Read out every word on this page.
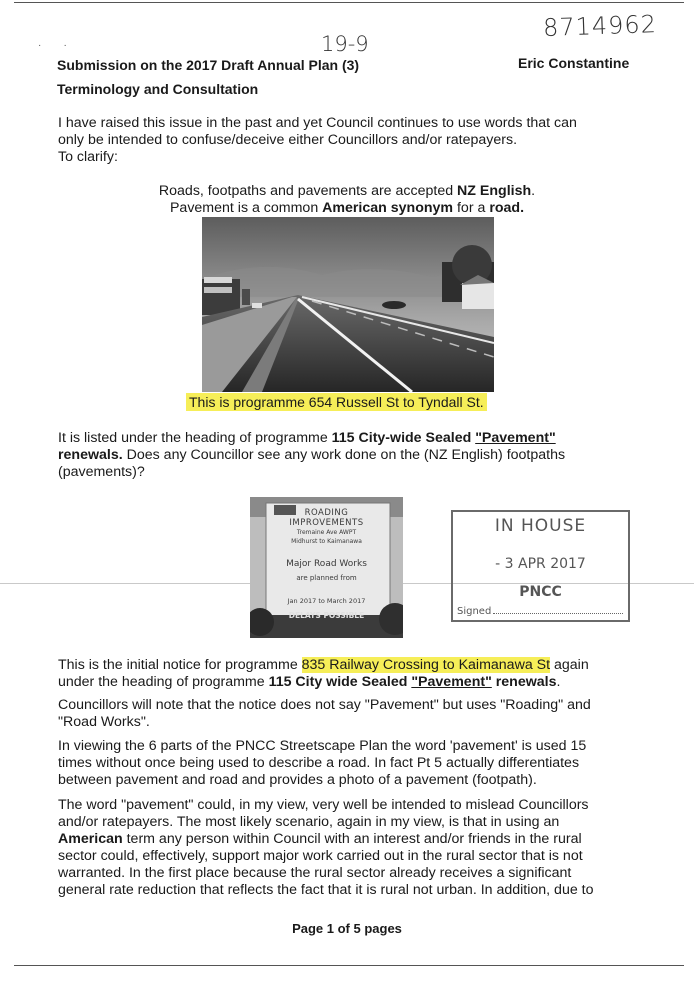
·        ·
8714962
19-9
Submission on the 2017 Draft Annual Plan (3)
Terminology and Consultation
Eric Constantine
I have raised this issue in the past and yet Council continues to use words that can
only be intended to confuse/deceive either Councillors and/or ratepayers.
To clarify:
Roads, footpaths and pavements are accepted NZ English.
Pavement is a common American synonym for a road.
This is programme 654 Russell St to Tyndall St.
It is listed under the heading of programme 115 City-wide Sealed "Pavement"
renewals. Does any Councillor see any work done on the (NZ English) footpaths
(pavements)?
ROADING
IMPROVEMENTS
Tremaine Ave AWPT
Midhurst to Kaimanawa
Major Road Works
are planned from
Jan 2017 to March 2017
DELAYS POSSIBLE
IN HOUSE
- 3 APR 2017
PNCC
Signed
This is the initial notice for programme 835 Railway Crossing to Kaimanawa St again
under the heading of programme 115 City wide Sealed "Pavement" renewals.
Councillors will note that the notice does not say "Pavement" but uses "Roading" and
"Road Works".
In viewing the 6 parts of the PNCC Streetscape Plan the word 'pavement' is used 15
times without once being used to describe a road. In fact Pt 5 actually differentiates
between pavement and road and provides a photo of a pavement (footpath).
The word "pavement" could, in my view, very well be intended to mislead Councillors
and/or ratepayers. The most likely scenario, again in my view, is that in using an
American term any person within Council with an interest and/or friends in the rural
sector could, effectively, support major work carried out in the rural sector that is not
warranted. In the first place because the rural sector already receives a significant
general rate reduction that reflects the fact that it is rural not urban. In addition, due to
Page 1 of 5 pages
